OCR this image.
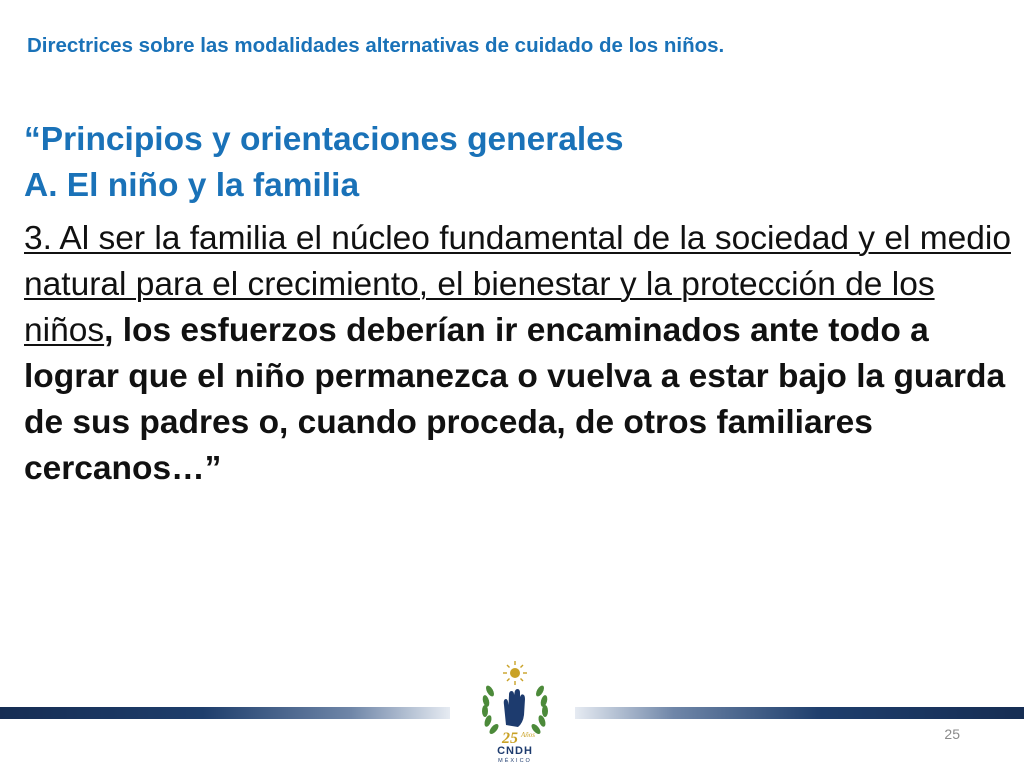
Directrices sobre las modalidades alternativas de cuidado de los niños.
“Principios y orientaciones generales
A. El niño y la familia
3. Al ser la familia el núcleo fundamental de la sociedad y el medio natural para el crecimiento, el bienestar y la protección de los niños, los esfuerzos deberían ir encaminados ante todo a lograr que el niño permanezca o vuelva a estar bajo la guarda de sus padres o, cuando proceda, de otros familiares cercanos…”
25 Años
CNDH
MÉXICO
25
